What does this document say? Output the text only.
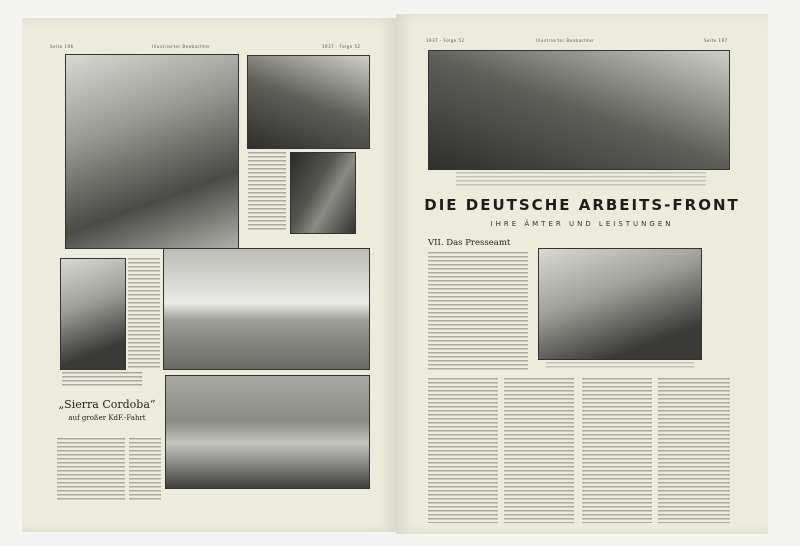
Seite 196	Illustrierter Beobachter	1937 · Folge 52
„Sierra Cordoba“
auf großer KdF.-Fahrt
1937 · Folge 52	Illustrierter Beobachter	Seite 197
DIE DEUTSCHE ARBEITS-FRONT
IHRE ÄMTER UND LEISTUNGEN
VII. Das Presseamt
